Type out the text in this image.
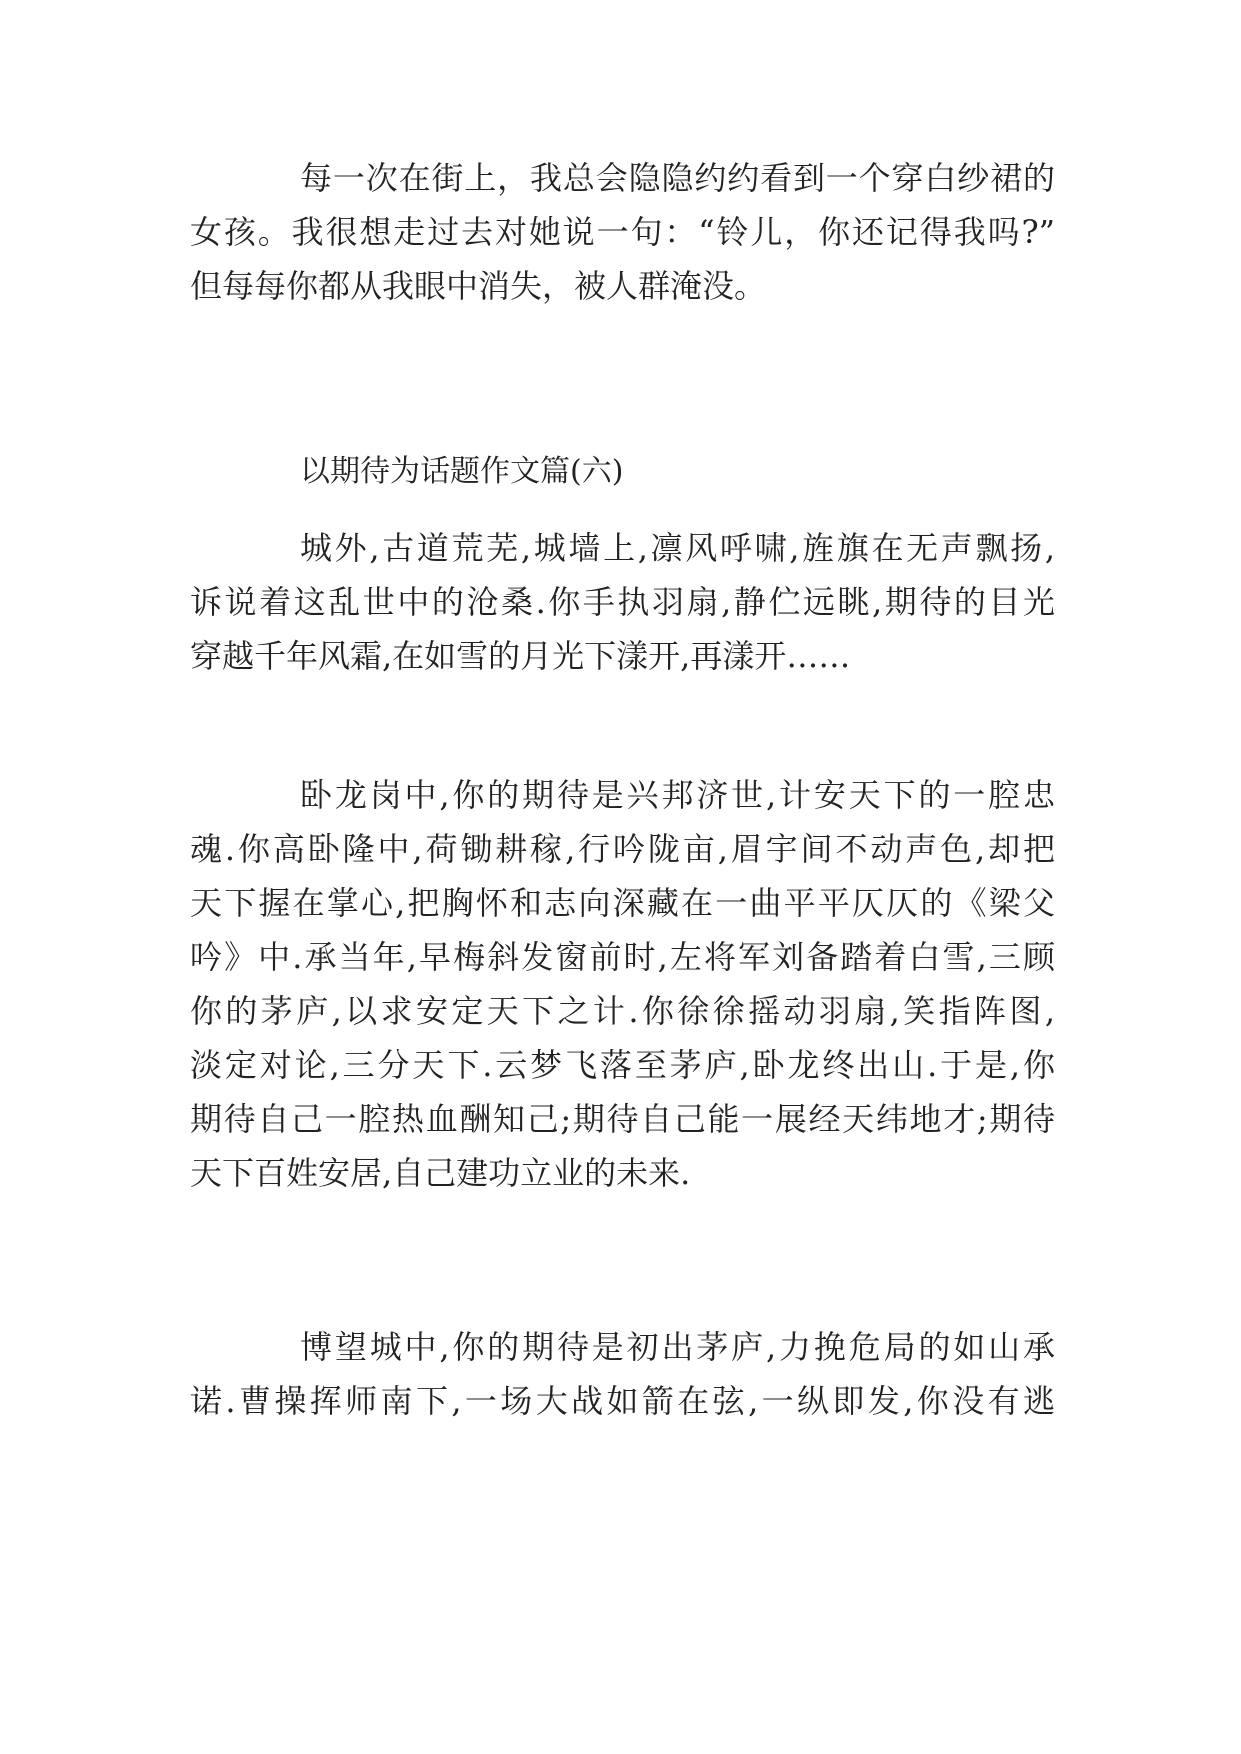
每一次在街上，我总会隐隐约约看到一个穿白纱裙的
女孩。我很想走过去对她说一句：“铃儿，你还记得我吗?”
但每每你都从我眼中消失，被人群淹没。
以期待为话题作文篇(六)
城外,古道荒芜,城墙上,凛风呼啸,旌旗在无声飘扬,
诉说着这乱世中的沧桑.你手执羽扇,静伫远眺,期待的目光
穿越千年风霜,在如雪的月光下漾开,再漾开……
卧龙岗中,你的期待是兴邦济世,计安天下的一腔忠
魂.你高卧隆中,荷锄耕稼,行吟陇亩,眉宇间不动声色,却把
天下握在掌心,把胸怀和志向深藏在一曲平平仄仄的《梁父
吟》中.承当年,早梅斜发窗前时,左将军刘备踏着白雪,三顾
你的茅庐,以求安定天下之计.你徐徐摇动羽扇,笑指阵图,
淡定对论,三分天下.云梦飞落至茅庐,卧龙终出山.于是,你
期待自己一腔热血酬知己;期待自己能一展经天纬地才;期待
天下百姓安居,自己建功立业的未来.
博望城中,你的期待是初出茅庐,力挽危局的如山承
诺.曹操挥师南下,一场大战如箭在弦,一纵即发,你没有逃
